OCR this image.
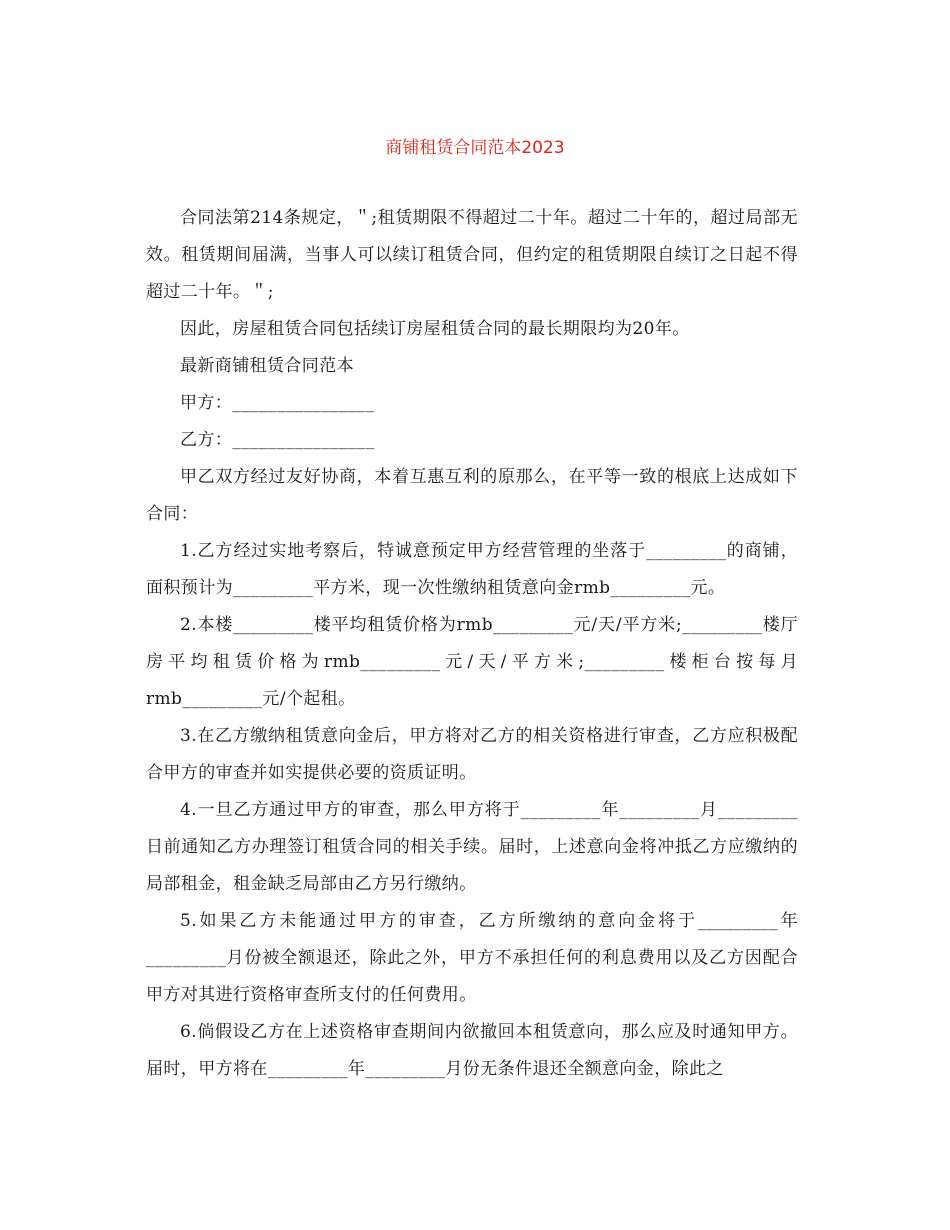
商铺租赁合同范本2023

合同法第214条规定，＂;租赁期限不得超过二十年。超过二十年的，超过局部无效。租赁期间届满，当事人可以续订租赁合同，但约定的租赁期限自续订之日起不得超过二十年。＂;

因此，房屋租赁合同包括续订房屋租赁合同的最长期限均为20年。

最新商铺租赁合同范本

甲方：________________

乙方：________________

甲乙双方经过友好协商，本着互惠互利的原那么，在平等一致的根底上达成如下合同：

1.乙方经过实地考察后，特诚意预定甲方经营管理的坐落于_________的商铺，面积预计为_________平方米，现一次性缴纳租赁意向金rmb_________元。

2.本楼_________楼平均租赁价格为rmb_________元/天/平方米;_________楼厅房平均租赁价格为rmb_________元/天/平方米;_________楼柜台按每月rmb_________元/个起租。

3.在乙方缴纳租赁意向金后，甲方将对乙方的相关资格进行审查，乙方应积极配合甲方的审查并如实提供必要的资质证明。

4.一旦乙方通过甲方的审查，那么甲方将于_________年_________月_________日前通知乙方办理签订租赁合同的相关手续。届时，上述意向金将冲抵乙方应缴纳的局部租金，租金缺乏局部由乙方另行缴纳。

5.如果乙方未能通过甲方的审查，乙方所缴纳的意向金将于_________年_________月份被全额退还，除此之外，甲方不承担任何的利息费用以及乙方因配合甲方对其进行资格审查所支付的任何费用。

6.倘假设乙方在上述资格审查期间内欲撤回本租赁意向，那么应及时通知甲方。届时，甲方将在_________年_________月份无条件退还全额意向金，除此之
